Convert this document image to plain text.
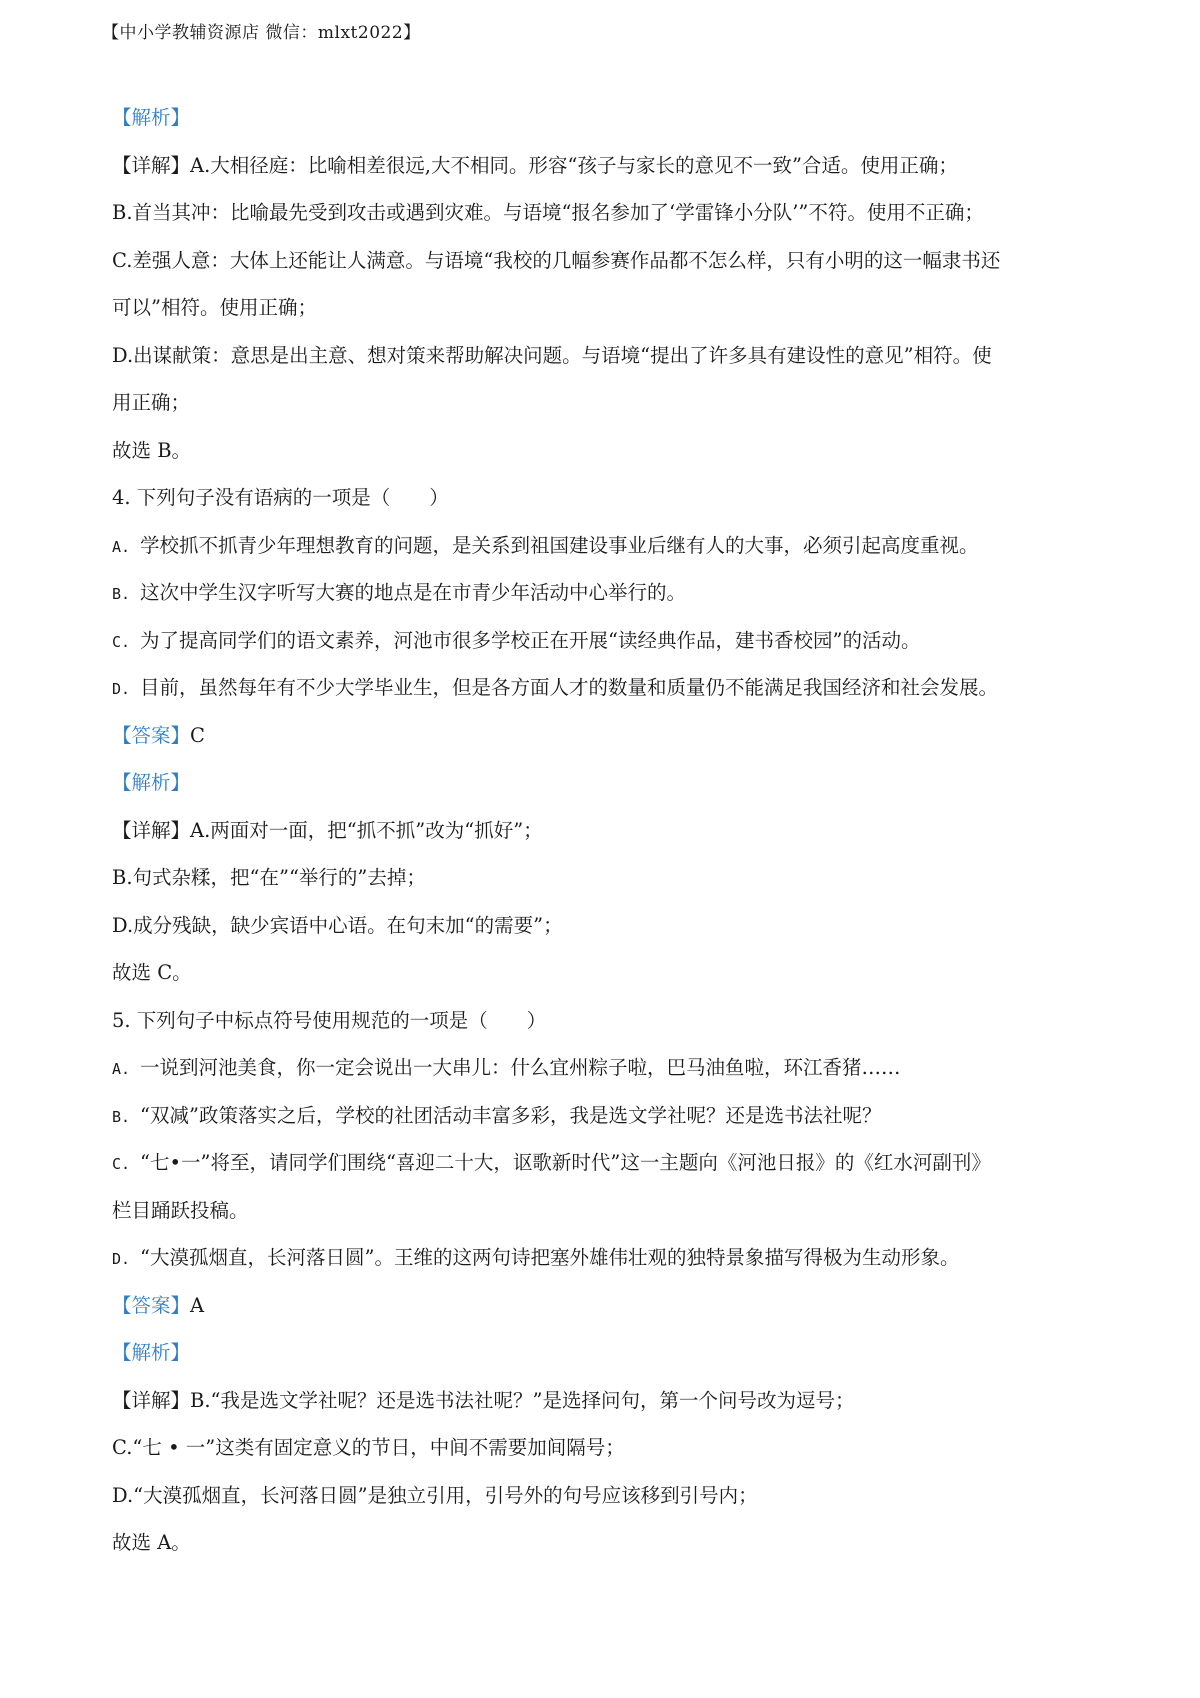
【中小学教辅资源店 微信：mlxt2022】
【解析】
【详解】A.大相径庭：比喻相差很远,大不相同。形容“孩子与家长的意见不一致”合适。使用正确；
B.首当其冲：比喻最先受到攻击或遇到灾难。与语境“报名参加了‘学雷锋小分队’”不符。使用不正确；
C.差强人意：大体上还能让人满意。与语境“我校的几幅参赛作品都不怎么样，只有小明的这一幅隶书还
可以”相符。使用正确；
D.出谋献策：意思是出主意、想对策来帮助解决问题。与语境“提出了许多具有建设性的意见”相符。使
用正确；
故选 B。
4. 下列句子没有语病的一项是（　　）
A. 学校抓不抓青少年理想教育的问题，是关系到祖国建设事业后继有人的大事，必须引起高度重视。
B. 这次中学生汉字听写大赛的地点是在市青少年活动中心举行的。
C. 为了提高同学们的语文素养，河池市很多学校正在开展“读经典作品，建书香校园”的活动。
D. 目前，虽然每年有不少大学毕业生，但是各方面人才的数量和质量仍不能满足我国经济和社会发展。
【答案】C
【解析】
【详解】A.两面对一面，把“抓不抓”改为“抓好”；
B.句式杂糅，把“在”“举行的”去掉；
D.成分残缺，缺少宾语中心语。在句末加“的需要”；
故选 C。
5. 下列句子中标点符号使用规范的一项是（　　）
A. 一说到河池美食，你一定会说出一大串儿：什么宜州粽子啦，巴马油鱼啦，环江香猪……
B. “双减”政策落实之后，学校的社团活动丰富多彩，我是选文学社呢？还是选书法社呢？
C. “七•一”将至，请同学们围绕“喜迎二十大，讴歌新时代”这一主题向《河池日报》的《红水河副刊》
栏目踊跃投稿。
D. “大漠孤烟直，长河落日圆”。王维的这两句诗把塞外雄伟壮观的独特景象描写得极为生动形象。
【答案】A
【解析】
【详解】B.“我是选文学社呢？还是选书法社呢？”是选择问句，第一个问号改为逗号；
C.“七 • 一”这类有固定意义的节日，中间不需要加间隔号；
D.“大漠孤烟直，长河落日圆”是独立引用，引号外的句号应该移到引号内；
故选 A。
